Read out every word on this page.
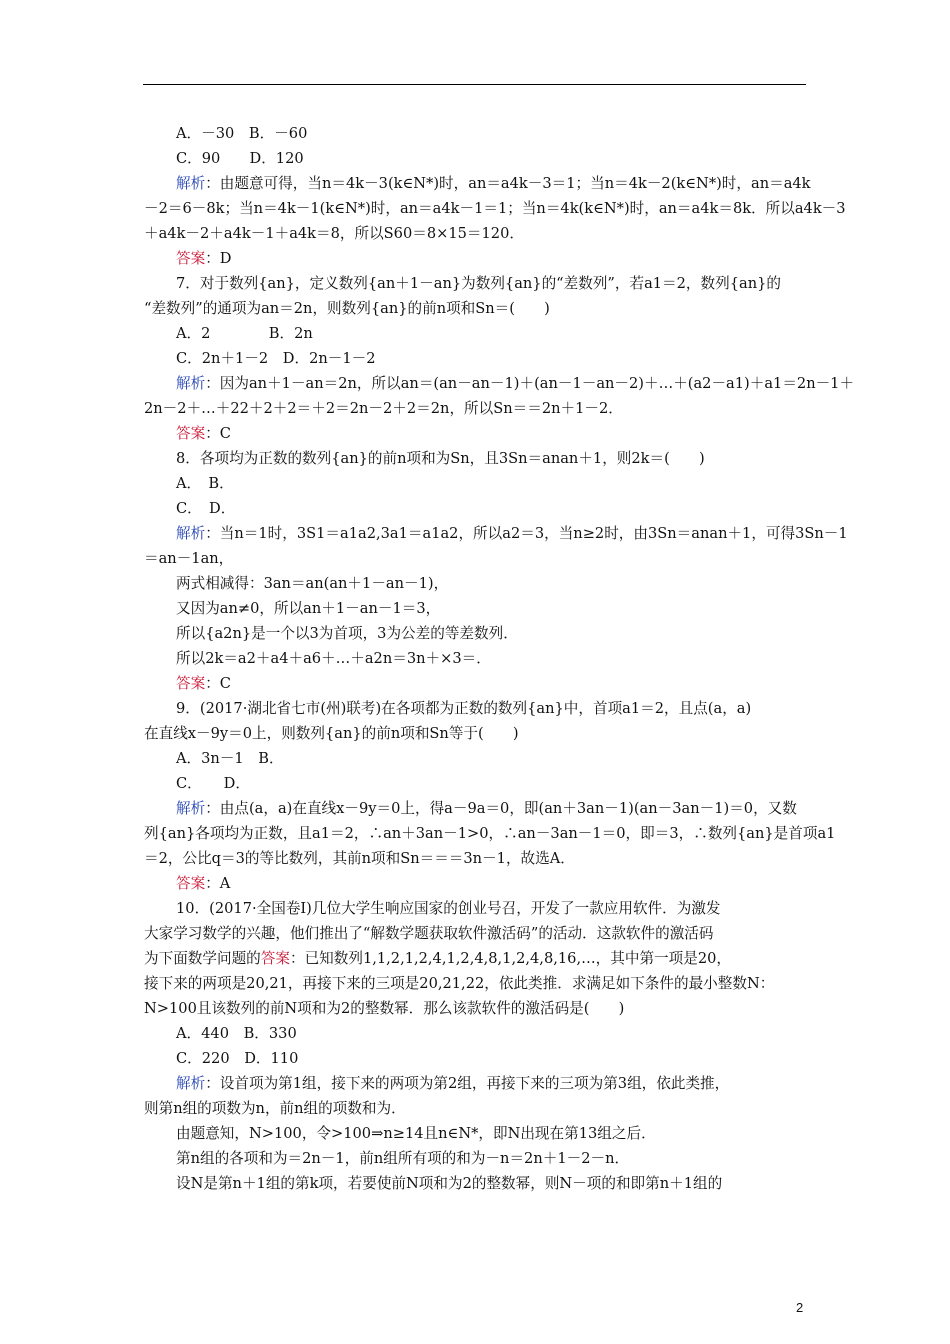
A．－30　B．－60
C．90　　D．120
解析：由题意可得，当n＝4k－3(k∈N*)时，an＝a4k－3＝1；当n＝4k－2(k∈N*)时，an＝a4k
－2＝6－8k；当n＝4k－1(k∈N*)时，an＝a4k－1＝1；当n＝4k(k∈N*)时，an＝a4k＝8k．所以a4k－3
＋a4k－2＋a4k－1＋a4k＝8，所以S60＝8×15＝120．
答案：D
7．对于数列{an}，定义数列{an＋1－an}为数列{an}的“差数列”，若a1＝2，数列{an}的
“差数列”的通项为an＝2n，则数列{an}的前n项和Sn＝(　　)
A．2　　　　B．2n
C．2n＋1－2　D．2n－1－2
解析：因为an＋1－an＝2n，所以an＝(an－an－1)＋(an－1－an－2)＋…＋(a2－a1)＋a1＝2n－1＋
2n－2＋…＋22＋2＋2＝＋2＝2n－2＋2＝2n，所以Sn＝＝2n＋1－2．
答案：C
8．各项均为正数的数列{an}的前n项和为Sn，且3Sn＝anan＋1，则2k＝(　　)
A．　B．
C．　D．
解析：当n＝1时，3S1＝a1a2,3a1＝a1a2，所以a2＝3，当n≥2时，由3Sn＝anan＋1，可得3Sn－1
＝an－1an，
两式相减得：3an＝an(an＋1－an－1)，
又因为an≠0，所以an＋1－an－1＝3，
所以{a2n}是一个以3为首项，3为公差的等差数列．
所以2k＝a2＋a4＋a6＋…＋a2n＝3n＋×3＝．
答案：C
9．(2017·湖北省七市(州)联考)在各项都为正数的数列{an}中，首项a1＝2，且点(a，a)
在直线x－9y＝0上，则数列{an}的前n项和Sn等于(　　)
A．3n－1　B．
C．　　D．
解析：由点(a，a)在直线x－9y＝0上，得a－9a＝0，即(an＋3an－1)(an－3an－1)＝0，又数
列{an}各项均为正数，且a1＝2，∴an＋3an－1>0，∴an－3an－1＝0，即＝3，∴数列{an}是首项a1
＝2，公比q＝3的等比数列，其前n项和Sn＝＝＝3n－1，故选A．
答案：A
10．(2017·全国卷Ⅰ)几位大学生响应国家的创业号召，开发了一款应用软件．为激发
大家学习数学的兴趣，他们推出了“解数学题获取软件激活码”的活动．这款软件的激活码
为下面数学问题的答案：已知数列1,1,2,1,2,4,1,2,4,8,1,2,4,8,16,…，其中第一项是20，
接下来的两项是20,21，再接下来的三项是20,21,22，依此类推．求满足如下条件的最小整数N：
N>100且该数列的前N项和为2的整数幂．那么该款软件的激活码是(　　)
A．440　B．330
C．220　D．110
解析：设首项为第1组，接下来的两项为第2组，再接下来的三项为第3组，依此类推，
则第n组的项数为n，前n组的项数和为．
由题意知，N>100，令>100⇒n≥14且n∈N*，即N出现在第13组之后．
第n组的各项和为＝2n－1，前n组所有项的和为－n＝2n＋1－2－n．
设N是第n＋1组的第k项，若要使前N项和为2的整数幂，则N－项的和即第n＋1组的
2
